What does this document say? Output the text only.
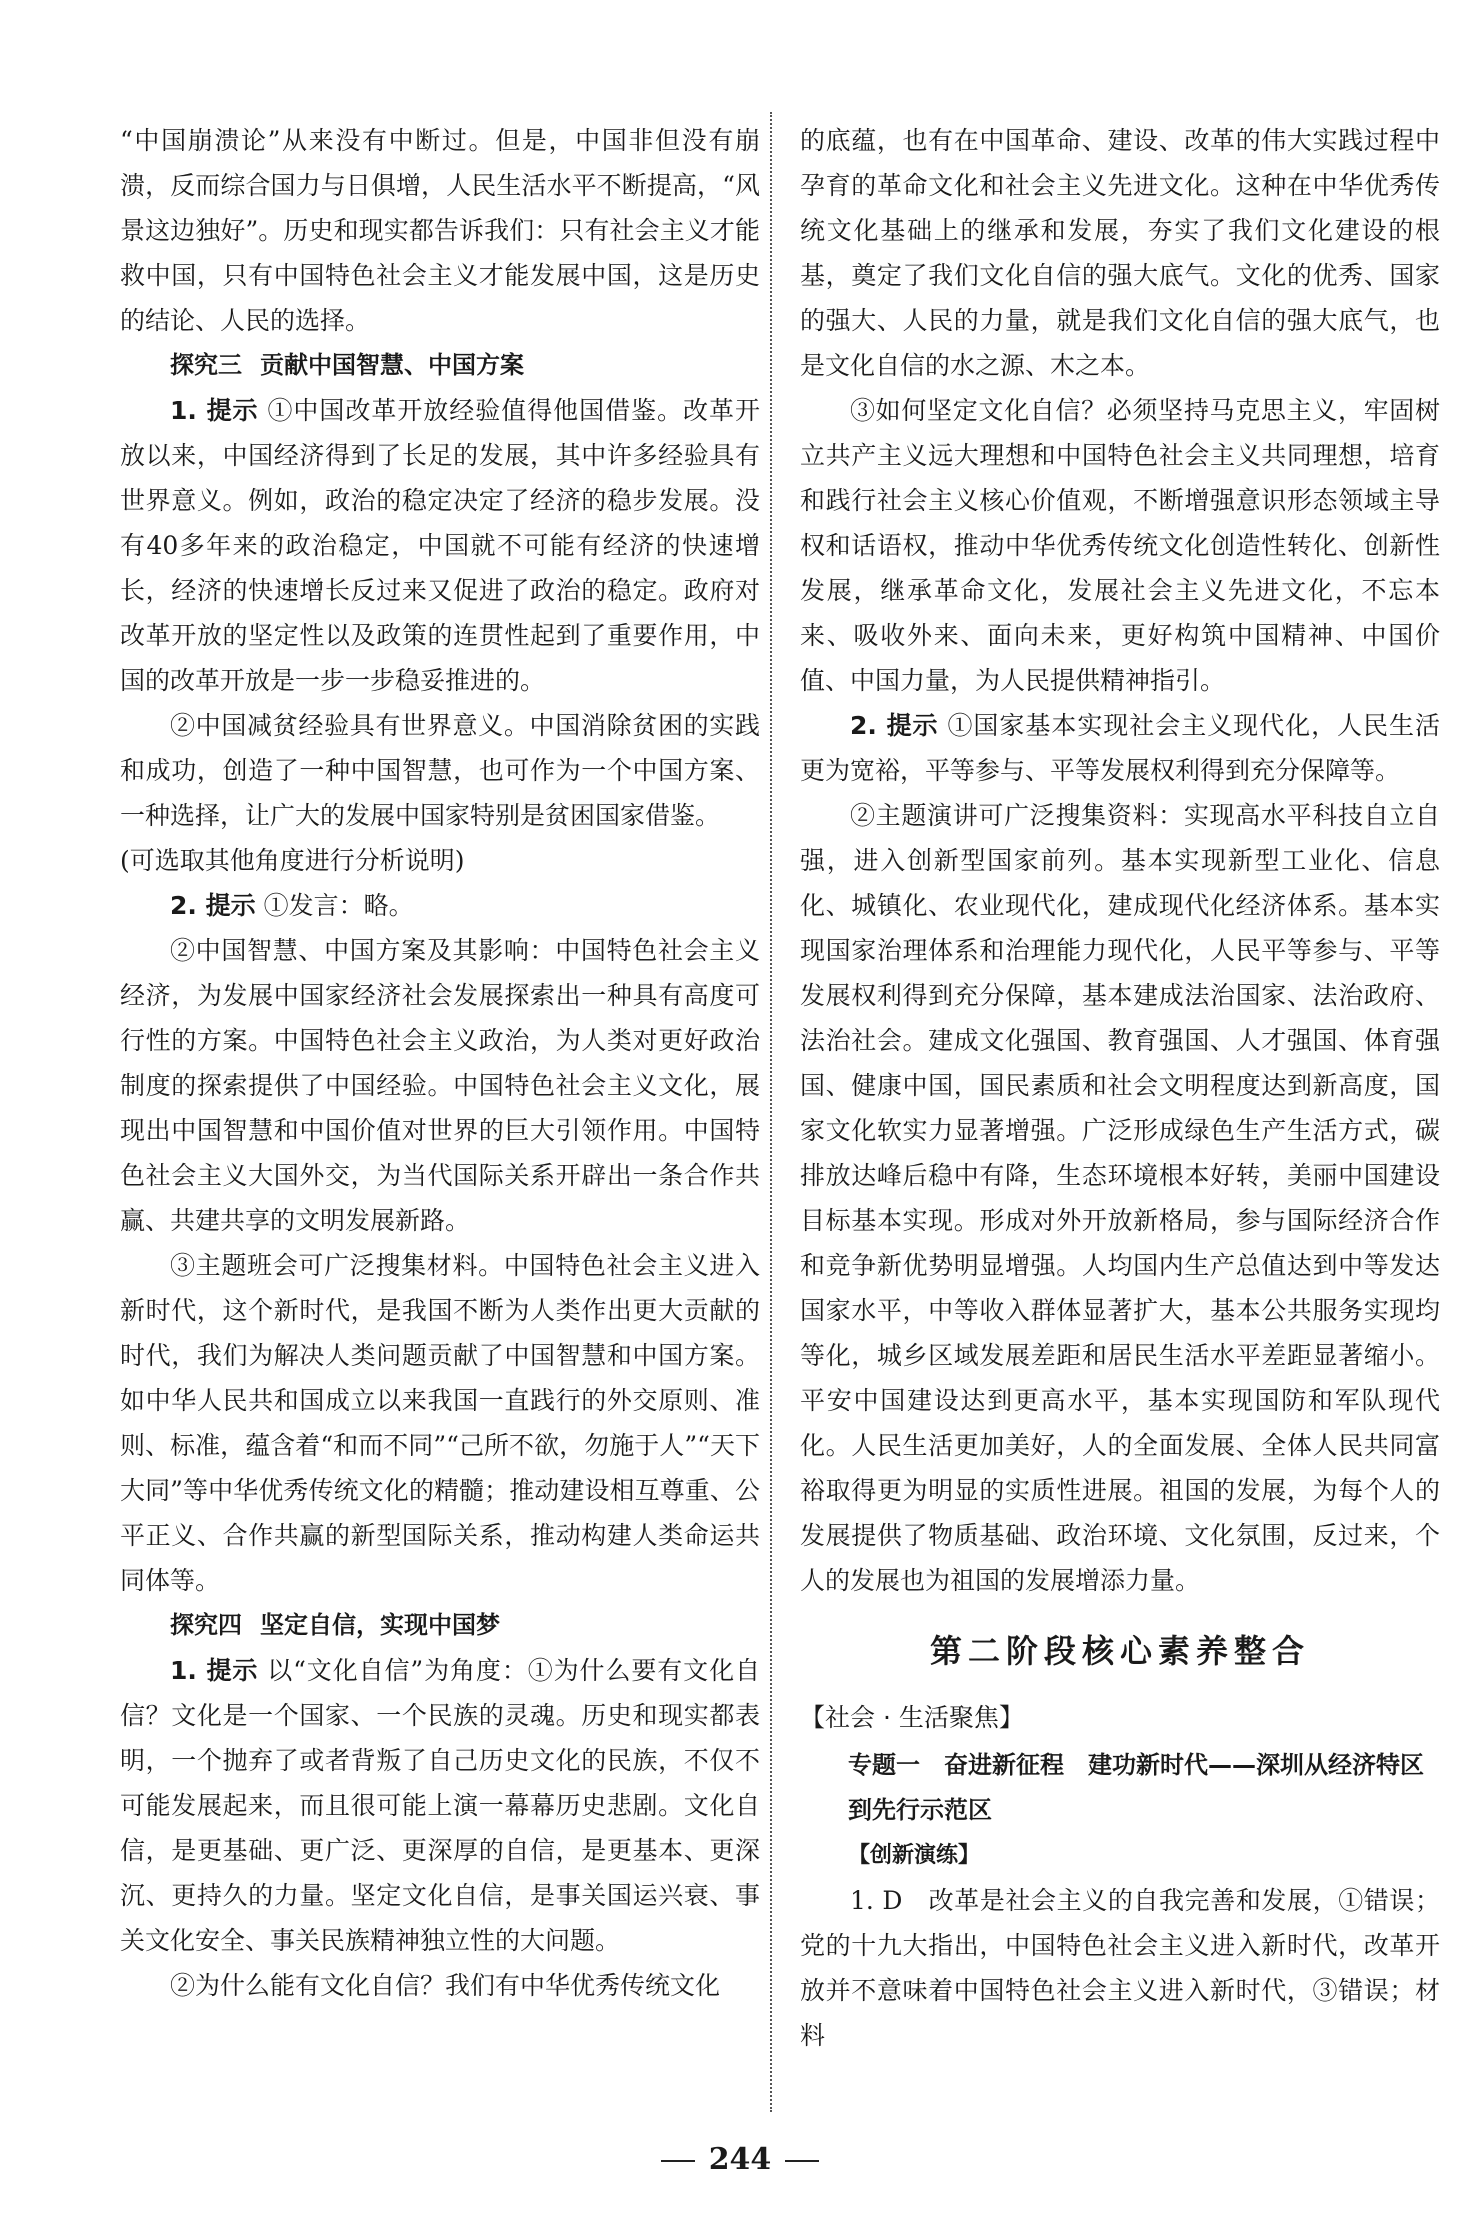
“中国崩溃论”从来没有中断过。但是，中国非但没有崩溃，反而综合国力与日俱增，人民生活水平不断提高，“风景这边独好”。历史和现实都告诉我们：只有社会主义才能救中国，只有中国特色社会主义才能发展中国，这是历史的结论、人民的选择。

探究三 贡献中国智慧、中国方案

1. 提示 ①中国改革开放经验值得他国借鉴。改革开放以来，中国经济得到了长足的发展，其中许多经验具有世界意义。例如，政治的稳定决定了经济的稳步发展。没有40多年来的政治稳定，中国就不可能有经济的快速增长，经济的快速增长反过来又促进了政治的稳定。政府对改革开放的坚定性以及政策的连贯性起到了重要作用，中国的改革开放是一步一步稳妥推进的。

②中国减贫经验具有世界意义。中国消除贫困的实践和成功，创造了一种中国智慧，也可作为一个中国方案、一种选择，让广大的发展中国家特别是贫困国家借鉴。

(可选取其他角度进行分析说明)

2. 提示 ①发言：略。

②中国智慧、中国方案及其影响：中国特色社会主义经济，为发展中国家经济社会发展探索出一种具有高度可行性的方案。中国特色社会主义政治，为人类对更好政治制度的探索提供了中国经验。中国特色社会主义文化，展现出中国智慧和中国价值对世界的巨大引领作用。中国特色社会主义大国外交，为当代国际关系开辟出一条合作共赢、共建共享的文明发展新路。

③主题班会可广泛搜集材料。中国特色社会主义进入新时代，这个新时代，是我国不断为人类作出更大贡献的时代，我们为解决人类问题贡献了中国智慧和中国方案。如中华人民共和国成立以来我国一直践行的外交原则、准则、标准，蕴含着“和而不同”“己所不欲，勿施于人”“天下大同”等中华优秀传统文化的精髓；推动建设相互尊重、公平正义、合作共赢的新型国际关系，推动构建人类命运共同体等。

探究四 坚定自信，实现中国梦

1. 提示 以“文化自信”为角度：①为什么要有文化自信？文化是一个国家、一个民族的灵魂。历史和现实都表明，一个抛弃了或者背叛了自己历史文化的民族，不仅不可能发展起来，而且很可能上演一幕幕历史悲剧。文化自信，是更基础、更广泛、更深厚的自信，是更基本、更深沉、更持久的力量。坚定文化自信，是事关国运兴衰、事关文化安全、事关民族精神独立性的大问题。

②为什么能有文化自信？我们有中华优秀传统文化

的底蕴，也有在中国革命、建设、改革的伟大实践过程中孕育的革命文化和社会主义先进文化。这种在中华优秀传统文化基础上的继承和发展，夯实了我们文化建设的根基，奠定了我们文化自信的强大底气。文化的优秀、国家的强大、人民的力量，就是我们文化自信的强大底气，也是文化自信的水之源、木之本。

③如何坚定文化自信？必须坚持马克思主义，牢固树立共产主义远大理想和中国特色社会主义共同理想，培育和践行社会主义核心价值观，不断增强意识形态领域主导权和话语权，推动中华优秀传统文化创造性转化、创新性发展，继承革命文化，发展社会主义先进文化，不忘本来、吸收外来、面向未来，更好构筑中国精神、中国价值、中国力量，为人民提供精神指引。

2. 提示 ①国家基本实现社会主义现代化，人民生活更为宽裕，平等参与、平等发展权利得到充分保障等。

②主题演讲可广泛搜集资料：实现高水平科技自立自强，进入创新型国家前列。基本实现新型工业化、信息化、城镇化、农业现代化，建成现代化经济体系。基本实现国家治理体系和治理能力现代化，人民平等参与、平等发展权利得到充分保障，基本建成法治国家、法治政府、法治社会。建成文化强国、教育强国、人才强国、体育强国、健康中国，国民素质和社会文明程度达到新高度，国家文化软实力显著增强。广泛形成绿色生产生活方式，碳排放达峰后稳中有降，生态环境根本好转，美丽中国建设目标基本实现。形成对外开放新格局，参与国际经济合作和竞争新优势明显增强。人均国内生产总值达到中等发达国家水平，中等收入群体显著扩大，基本公共服务实现均等化，城乡区域发展差距和居民生活水平差距显著缩小。平安中国建设达到更高水平，基本实现国防和军队现代化。人民生活更加美好，人的全面发展、全体人民共同富裕取得更为明显的实质性进展。祖国的发展，为每个人的发展提供了物质基础、政治环境、文化氛围，反过来，个人的发展也为祖国的发展增添力量。

第二阶段核心素养整合
【社会 · 生活聚焦】
专题一　奋进新征程　建功新时代——深圳从经济特区到先行示范区
【创新演练】

1. D　 改革是社会主义的自我完善和发展，①错误；党的十九大指出，中国特色社会主义进入新时代，改革开放并不意味着中国特色社会主义进入新时代，③错误；材料

244
